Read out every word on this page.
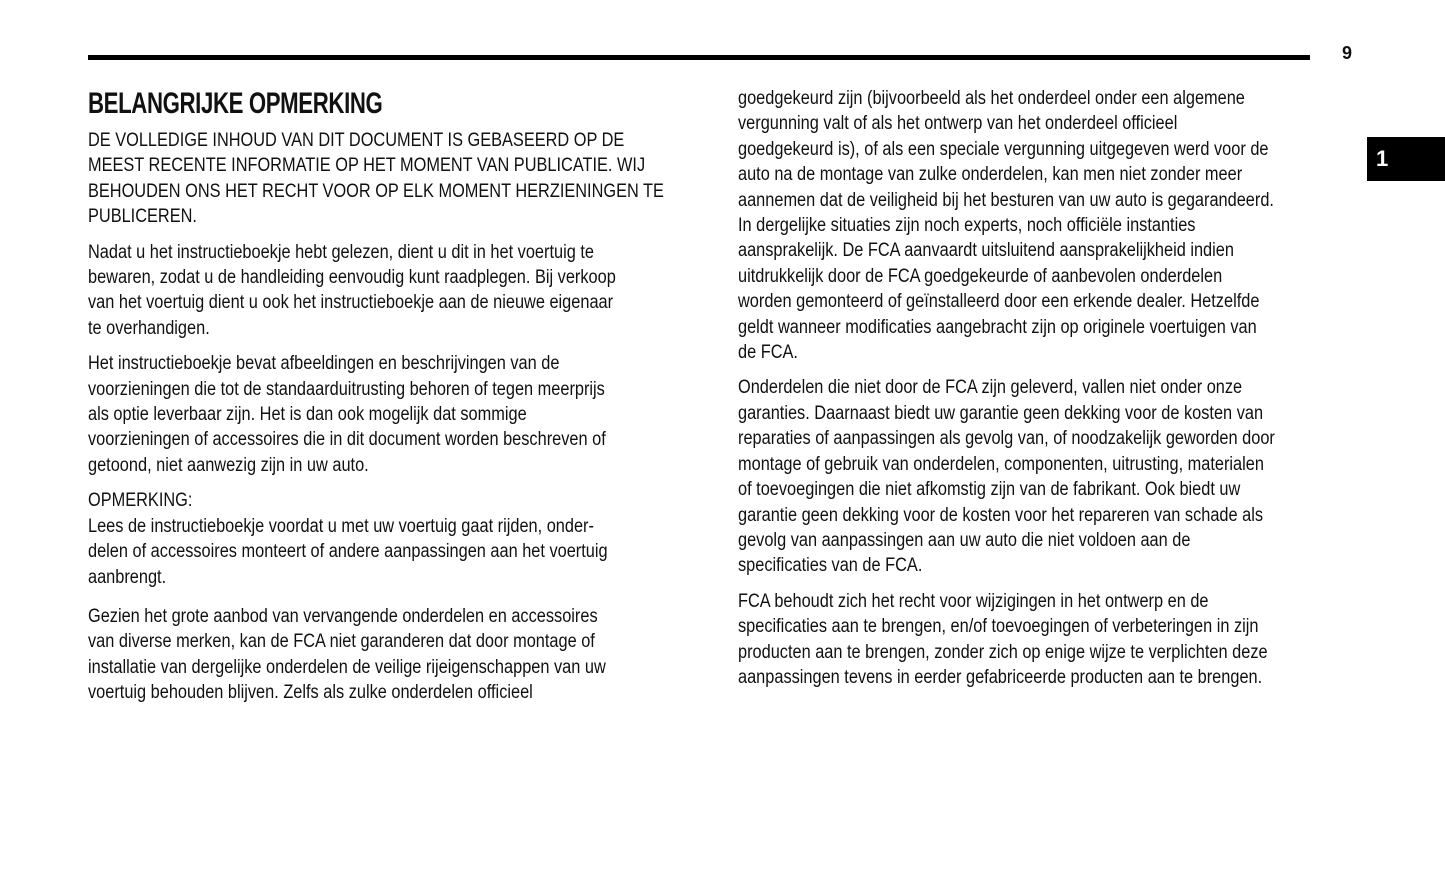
9
1
BELANGRIJKE OPMERKING
DE VOLLEDIGE INHOUD VAN DIT DOCUMENT IS GEBASEERD OP DE
MEEST RECENTE INFORMATIE OP HET MOMENT VAN PUBLICATIE. WIJ
BEHOUDEN ONS HET RECHT VOOR OP ELK MOMENT HERZIENINGEN TE
PUBLICEREN.
Nadat u het instructieboekje hebt gelezen, dient u dit in het voertuig te
bewaren, zodat u de handleiding eenvoudig kunt raadplegen. Bij verkoop
van het voertuig dient u ook het instructieboekje aan de nieuwe eigenaar
te overhandigen.
Het instructieboekje bevat afbeeldingen en beschrijvingen van de
voorzieningen die tot de standaarduitrusting behoren of tegen meerprijs
als optie leverbaar zijn. Het is dan ook mogelijk dat sommige
voorzieningen of accessoires die in dit document worden beschreven of
getoond, niet aanwezig zijn in uw auto.
OPMERKING:
Lees de instructieboekje voordat u met uw voertuig gaat rijden, onder-
delen of accessoires monteert of andere aanpassingen aan het voertuig
aanbrengt.
Gezien het grote aanbod van vervangende onderdelen en accessoires
van diverse merken, kan de FCA niet garanderen dat door montage of
installatie van dergelijke onderdelen de veilige rijeigenschappen van uw
voertuig behouden blijven. Zelfs als zulke onderdelen officieel
goedgekeurd zijn (bijvoorbeeld als het onderdeel onder een algemene
vergunning valt of als het ontwerp van het onderdeel officieel
goedgekeurd is), of als een speciale vergunning uitgegeven werd voor de
auto na de montage van zulke onderdelen, kan men niet zonder meer
aannemen dat de veiligheid bij het besturen van uw auto is gegarandeerd.
In dergelijke situaties zijn noch experts, noch officiële instanties
aansprakelijk. De FCA aanvaardt uitsluitend aansprakelijkheid indien
uitdrukkelijk door de FCA goedgekeurde of aanbevolen onderdelen
worden gemonteerd of geïnstalleerd door een erkende dealer. Hetzelfde
geldt wanneer modificaties aangebracht zijn op originele voertuigen van
de FCA.
Onderdelen die niet door de FCA zijn geleverd, vallen niet onder onze
garanties. Daarnaast biedt uw garantie geen dekking voor de kosten van
reparaties of aanpassingen als gevolg van, of noodzakelijk geworden door
montage of gebruik van onderdelen, componenten, uitrusting, materialen
of toevoegingen die niet afkomstig zijn van de fabrikant. Ook biedt uw
garantie geen dekking voor de kosten voor het repareren van schade als
gevolg van aanpassingen aan uw auto die niet voldoen aan de
specificaties van de FCA.
FCA behoudt zich het recht voor wijzigingen in het ontwerp en de
specificaties aan te brengen, en/of toevoegingen of verbeteringen in zijn
producten aan te brengen, zonder zich op enige wijze te verplichten deze
aanpassingen tevens in eerder gefabriceerde producten aan te brengen.
